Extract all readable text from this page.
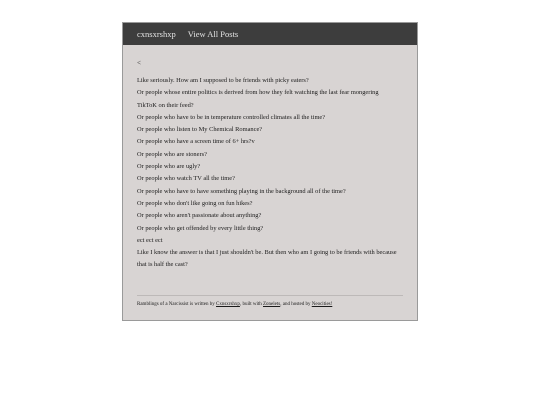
cxnsxrshxp View All Posts
<
Like seriously. How am I supposed to be friends with picky eaters?
Or people whose entire politics is derived from how they felt watching the last fear mongering TikToK on their feed?
Or people who have to be in temperature controlled climates all the time?
Or people who listen to My Chemical Romance?
Or people who have a screen time of 6+ hrs?v
Or people who are stoners?
Or people who are ugly?
Or people who watch TV all the time?
Or people who have to have something playing in the background all of the time?
Or people who don't like going on fun hikes?
Or people who aren't passionate about anything?
Or people who get offended by every little thing?
ect ect ect
Like I know the answer is that I just shouldn't be. But then who am I going to be friends with because that is half the cast?
Ramblings of a Narcissist is written by Cxnsxrshxp, built with Zonelets, and hosted by Neocities!
